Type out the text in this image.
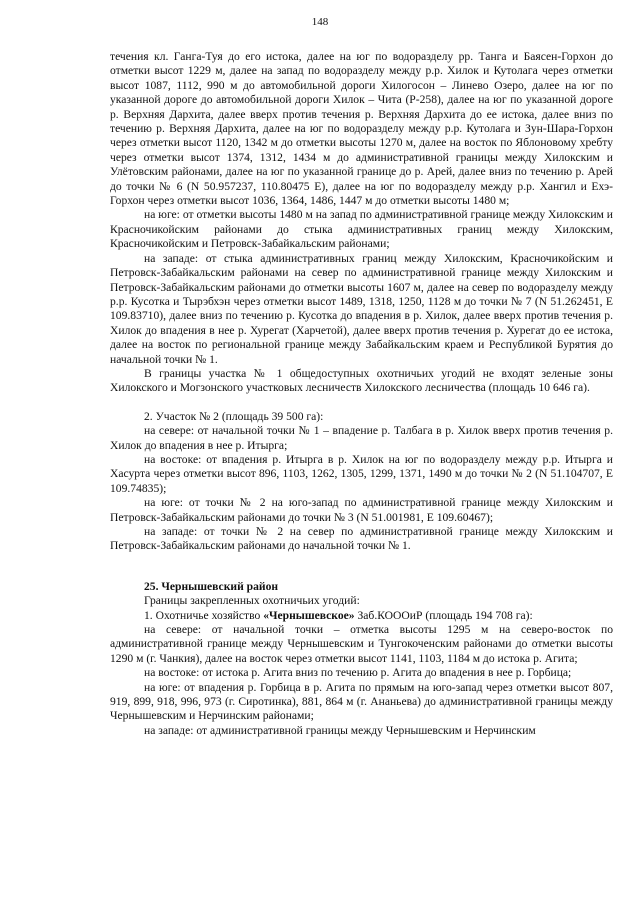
148

течения кл. Ганга-Туя до его истока, далее на юг по водоразделу рр. Танга и Баясен-Горхон до отметки высот 1229 м, далее на запад по водоразделу между р.р. Хилок и Кутолага через отметки высот 1087, 1112, 990 м до автомобильной дороги Хилогосон – Линево Озеро, далее на юг по указанной дороге до автомобильной дороги Хилок – Чита (Р-258), далее на юг по указанной дороге р. Верхняя Дархита, далее вверх против течения р. Верхняя Дархита до ее истока, далее вниз по течению р. Верхняя Дархита, далее на юг по водоразделу между р.р. Кутолага и Зун-Шара-Горхон через отметки высот 1120, 1342 м до отметки высоты 1270 м, далее на восток по Яблоновому хребту через отметки высот 1374, 1312, 1434 м до административной границы между Хилокским и Улётовским районами, далее на юг по указанной границе до р. Арей, далее вниз по течению р. Арей до точки № 6 (N 50.957237, 110.80475 E), далее на юг по водоразделу между р.р. Хангил и Ехэ-Горхон через отметки высот 1036, 1364, 1486, 1447 м до отметки высоты 1480 м;

на юге: от отметки высоты 1480 м на запад по административной границе между Хилокским и Красночикойским районами до стыка административных границ между Хилокским, Красночикойским и Петровск-Забайкальским районами;

на западе: от стыка административных границ между Хилокским, Красночикойским и Петровск-Забайкальским районами на север по административной границе между Хилокским и Петровск-Забайкальским районами до отметки высоты 1607 м, далее на север по водоразделу между р.р. Кусотка и Тырэбхэн через отметки высот 1489, 1318, 1250, 1128 м до точки № 7 (N 51.262451, E 109.83710), далее вниз по течению р. Кусотка до впадения в р. Хилок, далее вверх против течения р. Хилок до впадения в нее р. Хурегат (Харчетой), далее вверх против течения р. Хурегат до ее истока, далее на восток по региональной границе между Забайкальским краем и Республикой Бурятия до начальной точки № 1.

В границы участка № 1 общедоступных охотничьих угодий не входят зеленые зоны Хилокского и Могзонского участковых лесничеств Хилокского лесничества (площадь 10 646 га).

2. Участок № 2 (площадь 39 500 га):

на севере: от начальной точки № 1 – впадение р. Талбага в р. Хилок вверх против течения р. Хилок до впадения в нее р. Итырга;

на востоке: от впадения р. Итырга в р. Хилок на юг по водоразделу между р.р. Итырга и Хасурта через отметки высот 896, 1103, 1262, 1305, 1299, 1371, 1490 м до точки № 2 (N 51.104707, E 109.74835);

на юге: от точки № 2 на юго-запад по административной границе между Хилокским и Петровск-Забайкальским районами до точки № 3 (N 51.001981, E 109.60467);

на западе: от точки № 2 на север по административной границе между Хилокским и Петровск-Забайкальским районами до начальной точки № 1.

25. Чернышевский район

Границы закрепленных охотничьих угодий:

1. Охотничье хозяйство «Чернышевское» Заб.КОООиР (площадь 194 708 га):

на севере: от начальной точки – отметка высоты 1295 м на северо-восток по административной границе между Чернышевским и Тунгокоченским районами до отметки высоты 1290 м (г. Чанкия), далее на восток через отметки высот 1141, 1103, 1184 м до истока р. Агита;

на востоке: от истока р. Агита вниз по течению р. Агита до впадения в нее р. Горбица;

на юге: от впадения р. Горбица в р. Агита по прямым на юго-запад через отметки высот 807, 919, 899, 918, 996, 973 (г. Сиротинка), 881, 864 м (г. Ананьева) до административной границы между Чернышевским и Нерчинским районами;

на западе: от административной границы между Чернышевским и Нерчинским
